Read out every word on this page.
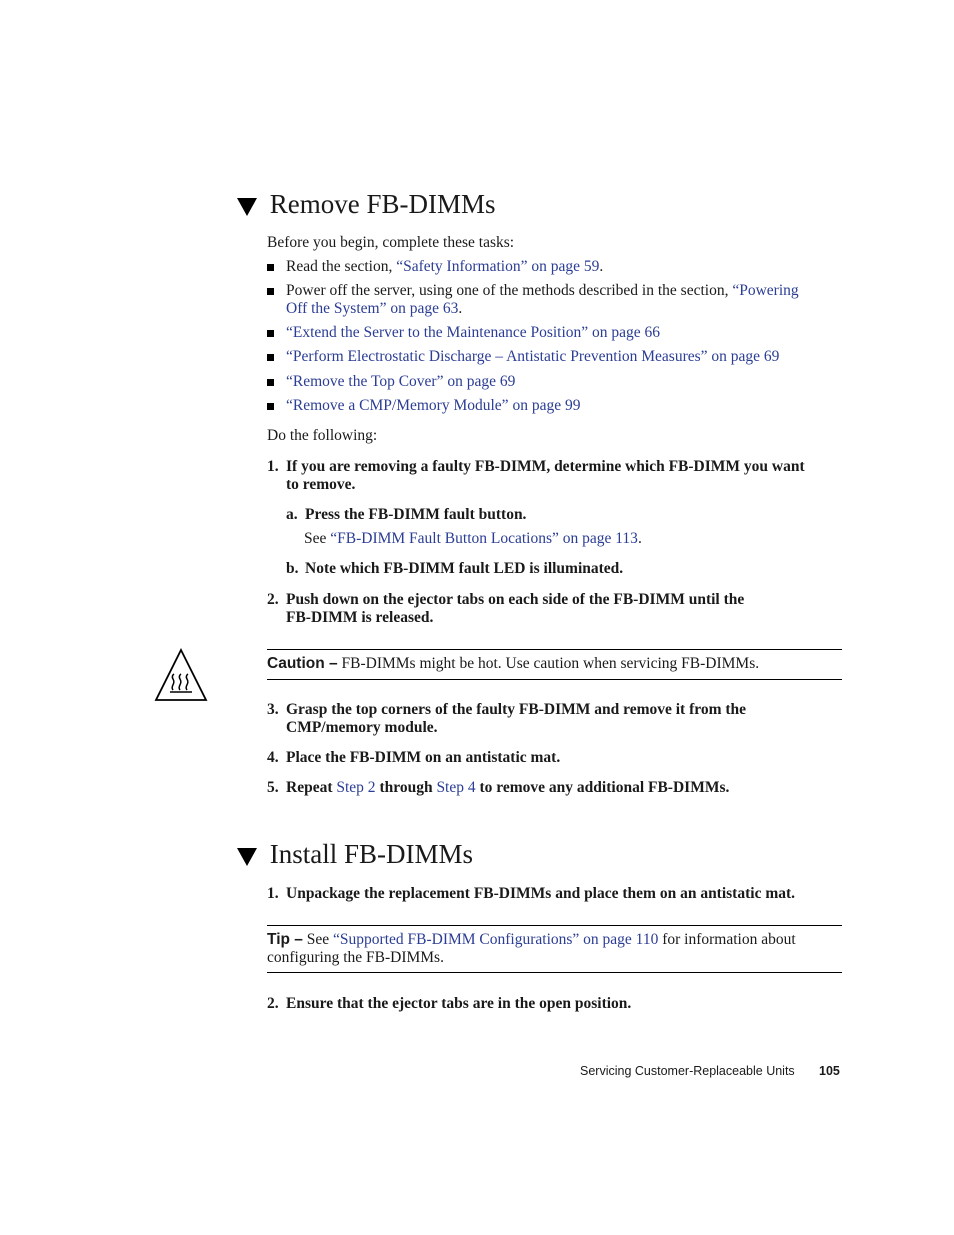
Remove FB-DIMMs
Before you begin, complete these tasks:
Read the section, “Safety Information” on page 59.
Power off the server, using one of the methods described in the section, “Powering
Off the System” on page 63.
“Extend the Server to the Maintenance Position” on page 66
“Perform Electrostatic Discharge – Antistatic Prevention Measures” on page 69
“Remove the Top Cover” on page 69
“Remove a CMP/Memory Module” on page 99
Do the following:
1. If you are removing a faulty FB-DIMM, determine which FB-DIMM you want
to remove.
a. Press the FB-DIMM fault button.
See “FB-DIMM Fault Button Locations” on page 113.
b. Note which FB-DIMM fault LED is illuminated.
2. Push down on the ejector tabs on each side of the FB-DIMM until the
FB-DIMM is released.
Caution – FB-DIMMs might be hot. Use caution when servicing FB-DIMMs.
3. Grasp the top corners of the faulty FB-DIMM and remove it from the
CMP/memory module.
4. Place the FB-DIMM on an antistatic mat.
5. Repeat Step 2 through Step 4 to remove any additional FB-DIMMs.
Install FB-DIMMs
1. Unpackage the replacement FB-DIMMs and place them on an antistatic mat.
Tip – See “Supported FB-DIMM Configurations” on page 110 for information about
configuring the FB-DIMMs.
2. Ensure that the ejector tabs are in the open position.
Servicing Customer-Replaceable Units 105
